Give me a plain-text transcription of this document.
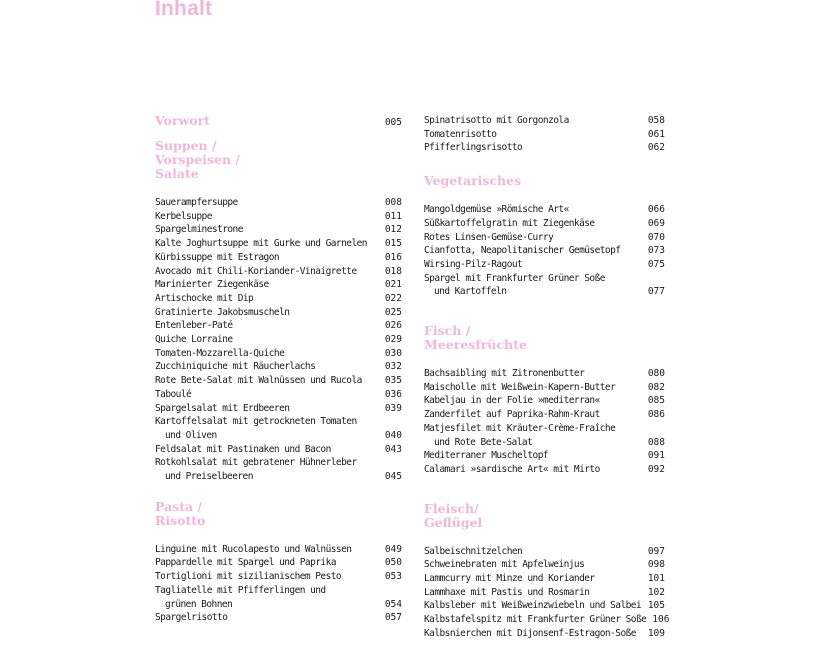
Inhalt
Vorwort	005
Suppen /
Vorspeisen /
Salate
Sauerampfersuppe	008
Kerbelsuppe	011
Spargelminestrone	012
Kalte Joghurtsuppe mit Gurke und Garnelen	015
Kürbissuppe mit Estragon	016
Avocado mit Chili-Koriander-Vinaigrette	018
Marinierter Ziegenkäse	021
Artischocke mit Dip	022
Gratinierte Jakobsmuscheln	025
Entenleber-Paté	026
Quiche Lorraine	029
Tomaten-Mozzarella-Quiche	030
Zucchiniquiche mit Räucherlachs	032
Rote Bete-Salat mit Walnüssen und Rucola	035
Taboulé	036
Spargelsalat mit Erdbeeren	039
Kartoffelsalat mit getrockneten Tomaten
und Oliven	040
Feldsalat mit Pastinaken und Bacon	043
Rotkohlsalat mit gebratener Hühnerleber
und Preiselbeeren	045
Pasta /
Risotto
Linguine mit Rucolapesto und Walnüssen	049
Pappardelle mit Spargel und Paprika	050
Tortiglioni mit sizilianischem Pesto	053
Tagliatelle mit Pfifferlingen und
grünen Bohnen	054
Spargelrisotto	057
Spinatrisotto mit Gorgonzola	058
Tomatenrisotto	061
Pfifferlingsrisotto	062
Vegetarisches
Mangoldgemüse »Römische Art«	066
Süßkartoffelgratin mit Ziegenkäse	069
Rotes Linsen-Gemüse-Curry	070
Cianfotta, Neapolitanischer Gemüsetopf	073
Wirsing-Pilz-Ragout	075
Spargel mit Frankfurter Grüner Soße
und Kartoffeln	077
Fisch /
Meeresfrüchte
Bachsaibling mit Zitronenbutter	080
Maischolle mit Weißwein-Kapern-Butter	082
Kabeljau in der Folie »mediterran«	085
Zanderfilet auf Paprika-Rahm-Kraut	086
Matjesfilet mit Kräuter-Crème-Fraîche
und Rote Bete-Salat	088
Mediterraner Muscheltopf	091
Calamari »sardische Art« mit Mirto	092
Fleisch/
Geflügel
Salbeischnitzelchen	097
Schweinebraten mit Apfelweinjus	098
Lammcurry mit Minze und Koriander	101
Lammhaxe mit Pastis und Rosmarin	102
Kalbsleber mit Weißweinzwiebeln und Salbei 105
Kalbstafelspitz mit Frankfurter Grüner Soße 106
Kalbsnierchen mit Dijonsenf-Estragon-Soße	109
